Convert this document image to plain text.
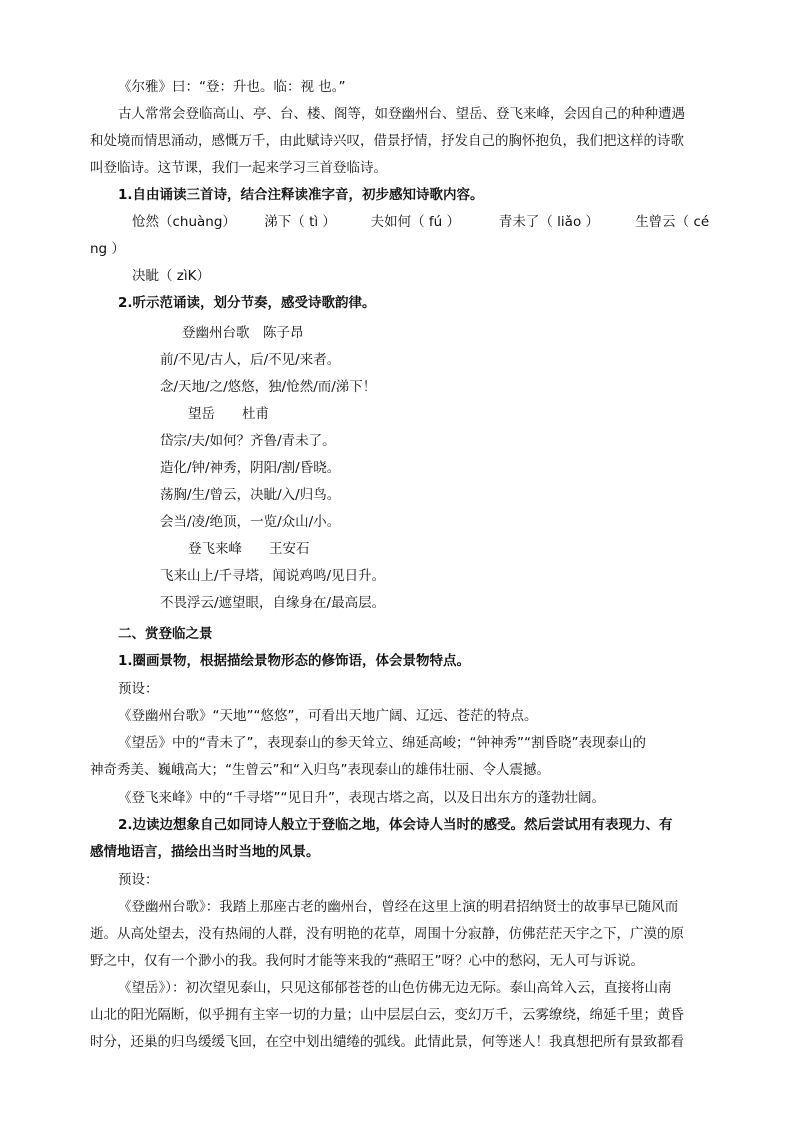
《尔雅》曰：“登：升也。临：视 也。”
古人常常会登临高山、亭、台、楼、阁等，如登幽州台、望岳、登飞来峰，会因自己的种种遭遇
和处境而情思涌动，感慨万千，由此赋诗兴叹，借景抒情，抒发自己的胸怀抱负，我们把这样的诗歌
叫登临诗。这节课，我们一起来学习三首登临诗。
1.自由诵读三首诗，结合注释读准字音，初步感知诗歌内容。
怆然（chuàng） 涕下（ tì ）	夫如何（ fú ）	青未了（ liǎo ）	生曾云（ cé
ng ）
决眦（ zìK）
2.听示范诵读，划分节奏，感受诗歌韵律。
登幽州台歌　陈子昂
前/不见/古人，后/不见/来者。
念/天地/之/悠悠，独/怆然/而/涕下！
望岳　　杜甫
岱宗/夫/如何？齐鲁/青未了。
造化/钟/神秀，阴阳/割/昏晓。
荡胸/生/曾云，决眦/入/归鸟。
会当/凌/绝顶，一览/众山/小。
登飞来峰　　王安石
飞来山上/千寻塔，闻说鸡鸣/见日升。
不畏浮云/遮望眼，自缘身在/最高层。
二、赏登临之景
1.圈画景物，根据描绘景物形态的修饰语，体会景物特点。
预设：
《登幽州台歌》“天地”“悠悠”，可看出天地广阔、辽远、苍茫的特点。
《望岳》中的“青未了”，表现泰山的参天耸立、绵延高峻；“钟神秀”“割昏晓”表现泰山的
神奇秀美、巍峨高大；“生曾云”和“入归鸟”表现泰山的雄伟壮丽、令人震撼。
《登飞来峰》中的“千寻塔”“见日升”，表现古塔之高，以及日出东方的蓬勃壮阔。
2.边读边想象自己如同诗人般立于登临之地，体会诗人当时的感受。然后尝试用有表现力、有
感情地语言，描绘出当时当地的风景。
预设：
《登幽州台歌》：我踏上那座古老的幽州台，曾经在这里上演的明君招纳贤士的故事早已随风而
逝。从高处望去，没有热闹的人群，没有明艳的花草，周围十分寂静，仿佛茫茫天宇之下，广漠的原
野之中，仅有一个渺小的我。我何时才能等来我的“燕昭王”呀？心中的愁闷，无人可与诉说。
《望岳》）：初次望见泰山，只见这郁郁苍苍的山色仿佛无边无际。泰山高耸入云，直接将山南
山北的阳光隔断，似乎拥有主宰一切的力量；山中层层白云，变幻万千，云雾缭绕，绵延千里；黄昏
时分，还巢的归鸟缓缓飞回，在空中划出缱绻的弧线。此情此景，何等迷人！我真想把所有景致都看
